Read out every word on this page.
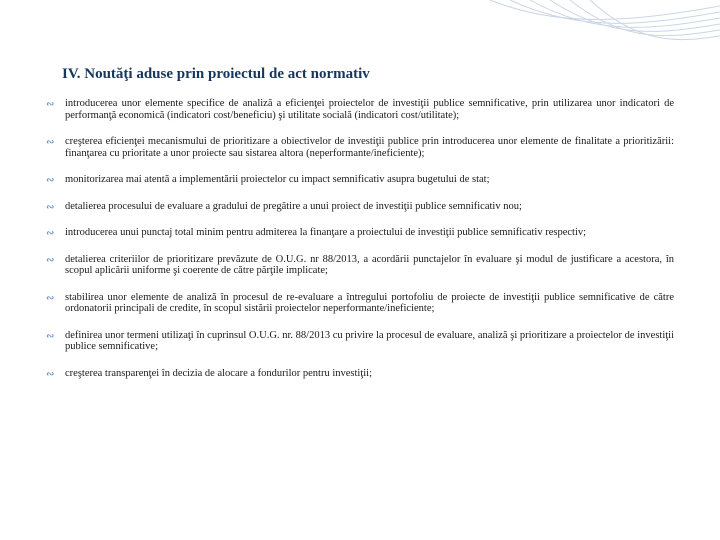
IV. Noutăţi aduse prin proiectul de act normativ
∾ introducerea unor elemente specifice de analiză a eficienţei proiectelor de investiţii publice semnificative, prin utilizarea unor indicatori de performanţă economică (indicatori cost/beneficiu) şi utilitate socială (indicatori cost/utilitate);
∾ creşterea eficienţei mecanismului de prioritizare a obiectivelor de investiţii publice prin introducerea unor elemente de finalitate a prioritizării: finanţarea cu prioritate a unor proiecte sau sistarea altora (neperformante/ineficiente);
∾ monitorizarea mai atentă a implementării proiectelor cu impact semnificativ asupra bugetului de stat;
∾ detalierea procesului de evaluare a gradului de pregătire a unui proiect de investiţii publice semnificativ nou;
∾ introducerea unui punctaj total minim pentru admiterea la finanţare a proiectului de investiţii publice semnificativ respectiv;
∾ detalierea criteriilor de prioritizare prevăzute de O.U.G. nr 88/2013, a acordării punctajelor în evaluare şi modul de justificare a acestora, în scopul aplicării uniforme şi coerente de către părţile implicate;
∾ stabilirea unor elemente de analiză în procesul de re-evaluare a întregului portofoliu de proiecte de investiţii publice semnificative de către ordonatorii principali de credite, în scopul sistării proiectelor neperformante/ineficiente;
∾ definirea unor termeni utilizaţi în cuprinsul O.U.G. nr. 88/2013 cu privire la procesul de evaluare, analiză şi prioritizare a proiectelor de investiţii publice semnificative;
∾ creşterea transparenţei în decizia de alocare a fondurilor pentru investiţii;
